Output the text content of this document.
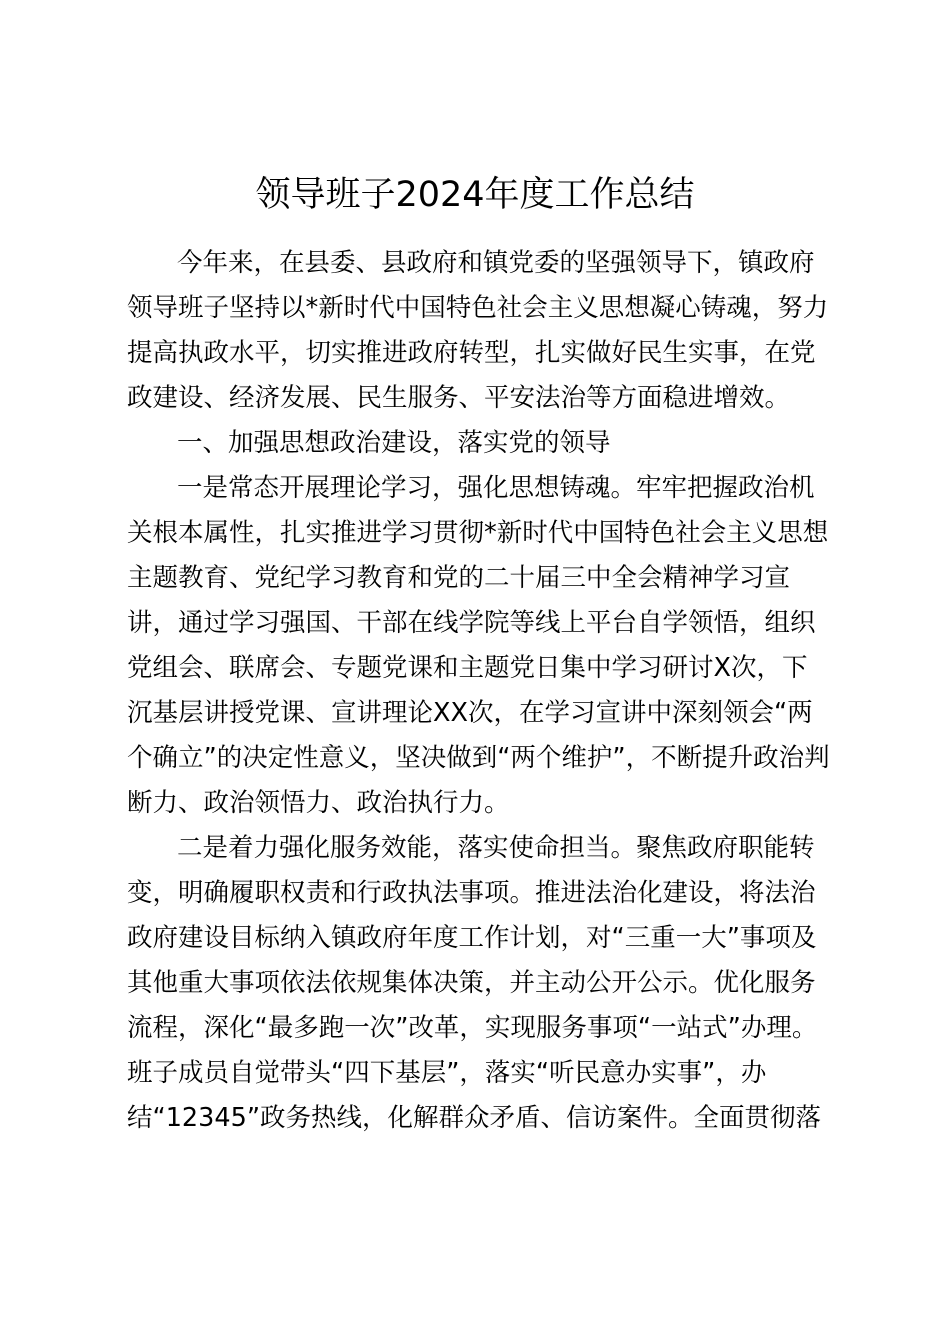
领导班子2024年度工作总结
今年来，在县委、县政府和镇党委的坚强领导下，镇政府
领导班子坚持以*新时代中国特色社会主义思想凝心铸魂，努力
提高执政水平，切实推进政府转型，扎实做好民生实事，在党
政建设、经济发展、民生服务、平安法治等方面稳进增效。
一、加强思想政治建设，落实党的领导
一是常态开展理论学习，强化思想铸魂。牢牢把握政治机
关根本属性，扎实推进学习贯彻*新时代中国特色社会主义思想
主题教育、党纪学习教育和党的二十届三中全会精神学习宣
讲，通过学习强国、干部在线学院等线上平台自学领悟，组织
党组会、联席会、专题党课和主题党日集中学习研讨X次，下
沉基层讲授党课、宣讲理论XX次，在学习宣讲中深刻领会“两
个确立”的决定性意义，坚决做到“两个维护”，不断提升政治判
断力、政治领悟力、政治执行力。
二是着力强化服务效能，落实使命担当。聚焦政府职能转
变，明确履职权责和行政执法事项。推进法治化建设，将法治
政府建设目标纳入镇政府年度工作计划，对“三重一大”事项及
其他重大事项依法依规集体决策，并主动公开公示。优化服务
流程，深化“最多跑一次”改革，实现服务事项“一站式”办理。
班子成员自觉带头“四下基层”，落实“听民意办实事”，办
结“12345”政务热线，化解群众矛盾、信访案件。全面贯彻落
